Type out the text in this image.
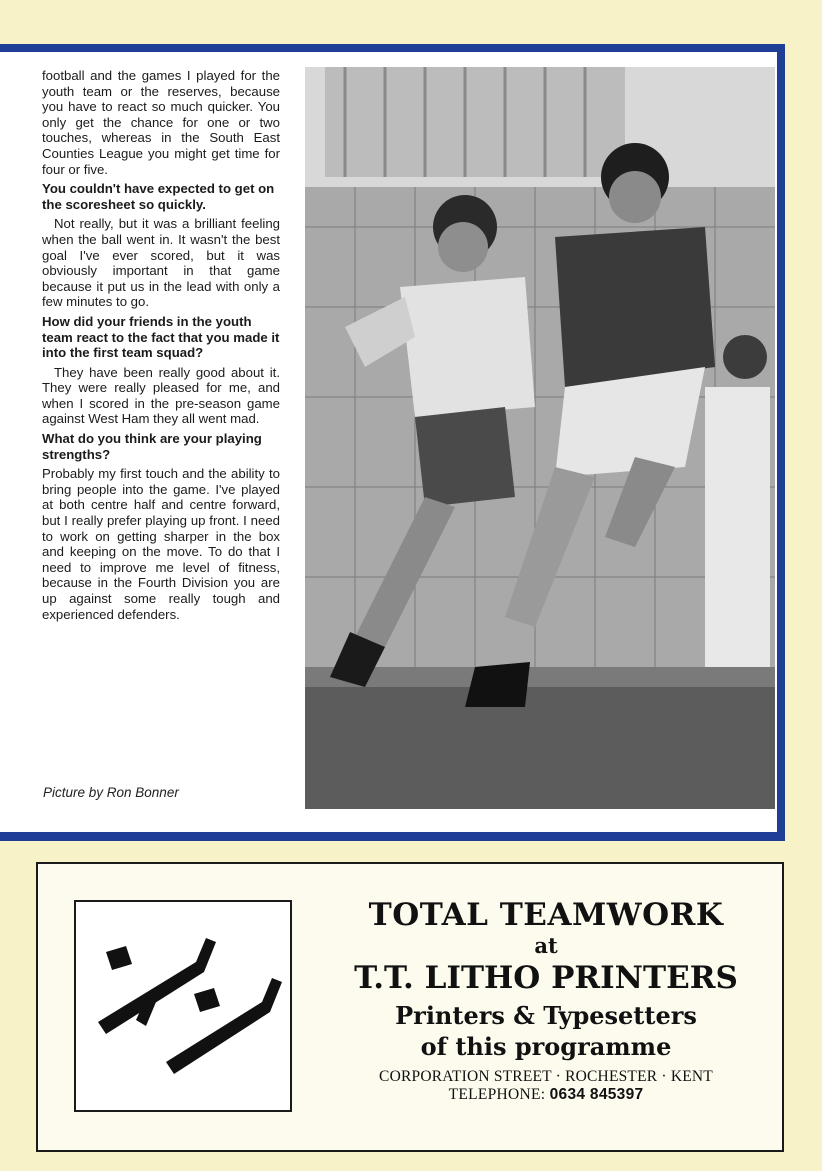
football and the games I played for the youth team or the reserves, because you have to react so much quicker. You only get the chance for one or two touches, whereas in the South East Counties League you might get time for four or five.

You couldn't have expected to get on the scoresheet so quickly.

Not really, but it was a brilliant feeling when the ball went in. It wasn't the best goal I've ever scored, but it was obviously important in that game because it put us in the lead with only a few minutes to go.

How did your friends in the youth team react to the fact that you made it into the first team squad?

They have been really good about it. They were really pleased for me, and when I scored in the pre-season game against West Ham they all went mad.

What do you think are your playing strengths?

Probably my first touch and the ability to bring people into the game. I've played at both centre half and centre forward, but I really prefer playing up front. I need to work on getting sharper in the box and keeping on the move. To do that I need to improve me level of fitness, because in the Fourth Division you are up against some really tough and experienced defenders.

Picture by Ron Bonner
TOTAL TEAMWORK
at
T.T. LITHO PRINTERS
Printers & Typesetters
of this programme
CORPORATION STREET · ROCHESTER · KENT
TELEPHONE: 0634 845397
